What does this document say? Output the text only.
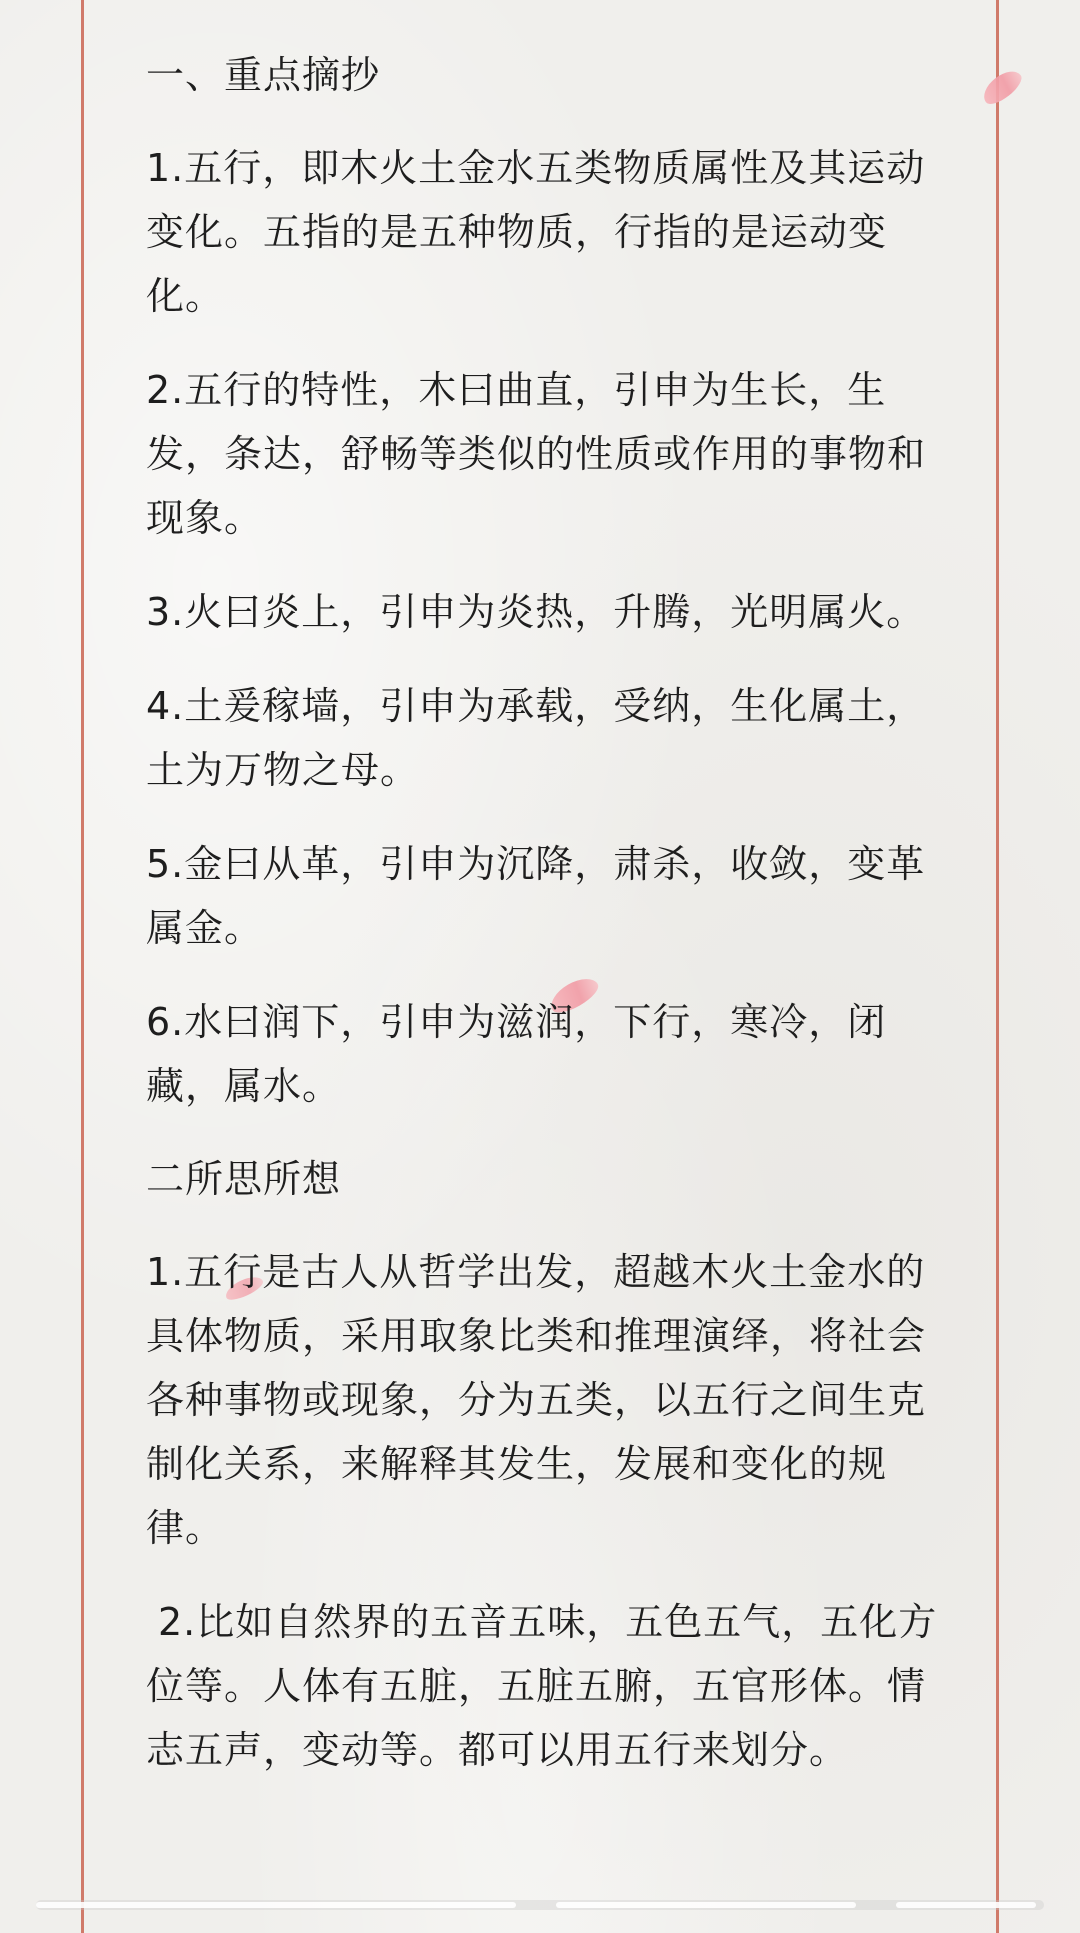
一、重点摘抄
1.五行，即木火土金水五类物质属性及其运动
变化。五指的是五种物质，行指的是运动变
化。
2.五行的特性，木曰曲直，引申为生长，生
发，条达，舒畅等类似的性质或作用的事物和
现象。
3.火曰炎上，引申为炎热，升腾，光明属火。
4.土爰稼墙，引申为承载，受纳，生化属土，
土为万物之母。
5.金曰从革，引申为沉降，肃杀，收敛，变革
属金。
6.水曰润下，引申为滋润，下行，寒冷，闭
藏，属水。
二所思所想
1.五行是古人从哲学出发，超越木火土金水的
具体物质，采用取象比类和推理演绎，将社会
各种事物或现象，分为五类，以五行之间生克
制化关系，来解释其发生，发展和变化的规
律。
2.比如自然界的五音五味，五色五气，五化方
位等。人体有五脏，五脏五腑，五官形体。情
志五声，变动等。都可以用五行来划分。
